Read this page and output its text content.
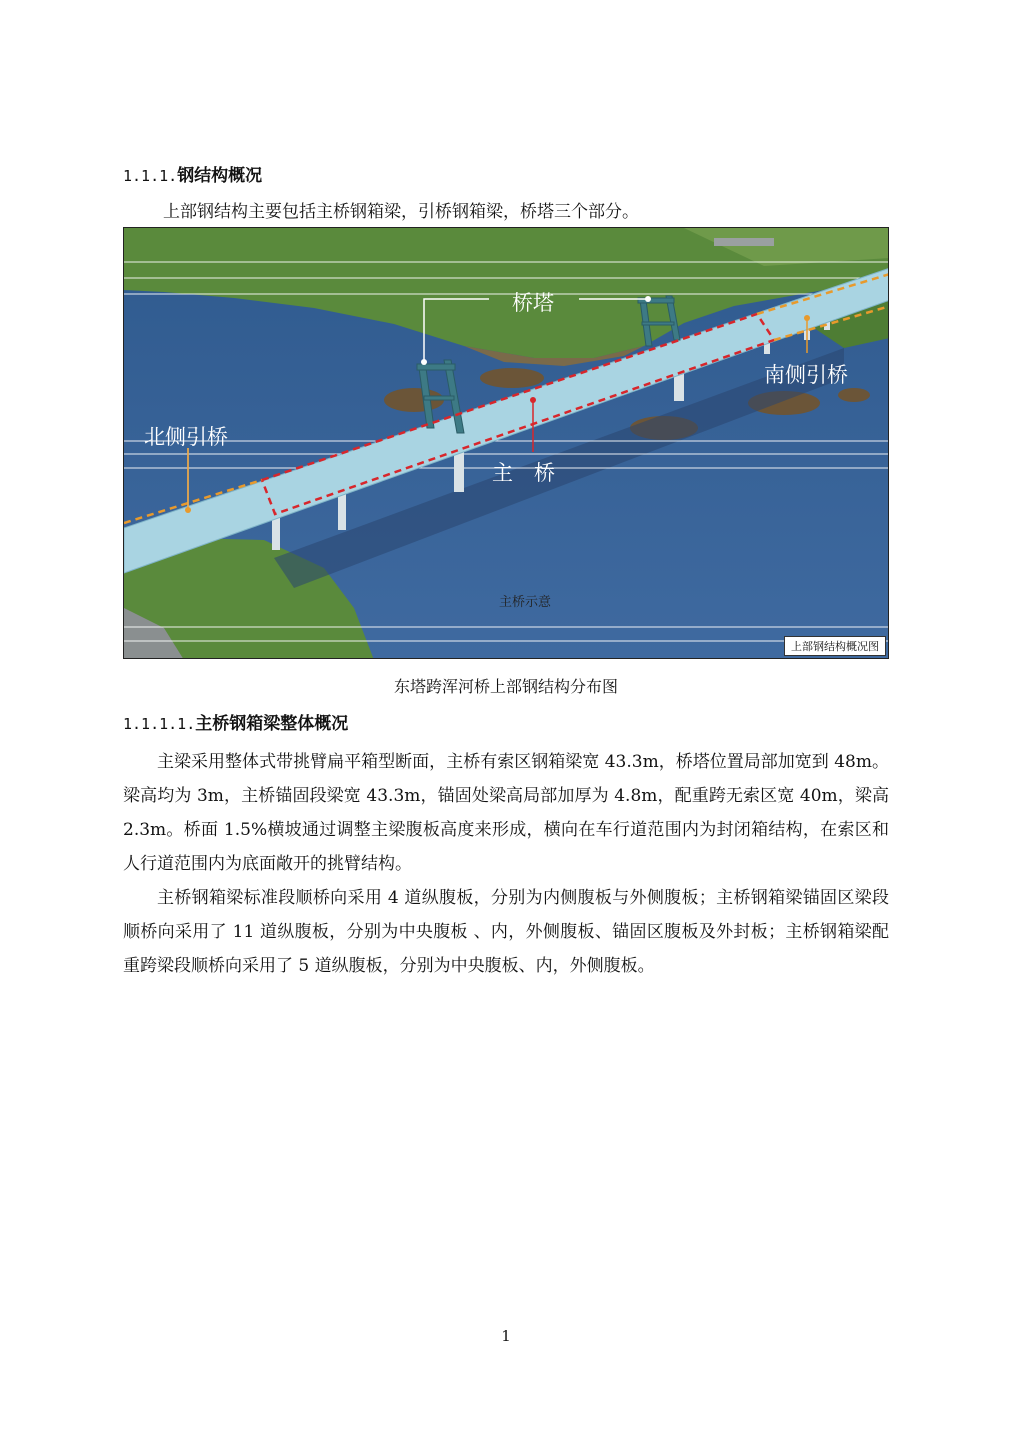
1.1.1.钢结构概况
上部钢结构主要包括主桥钢箱梁，引桥钢箱梁，桥塔三个部分。
桥塔
南侧引桥
北侧引桥
主　桥
主桥示意
上部钢结构概况图
东塔跨浑河桥上部钢结构分布图
1.1.1.1.主桥钢箱梁整体概况

主梁采用整体式带挑臂扁平箱型断面，主桥有索区钢箱梁宽 43.3m，桥塔位置局部加宽到 48m。梁高均为 3m，主桥锚固段梁宽 43.3m，锚固处梁高局部加厚为 4.8m，配重跨无索区宽 40m，梁高 2.3m。桥面 1.5%横坡通过调整主梁腹板高度来形成，横向在车行道范围内为封闭箱结构，在索区和人行道范围内为底面敞开的挑臂结构。

主桥钢箱梁标准段顺桥向采用 4 道纵腹板，分别为内侧腹板与外侧腹板；主桥钢箱梁锚固区梁段顺桥向采用了 11 道纵腹板，分别为中央腹板 、内，外侧腹板、锚固区腹板及外封板；主桥钢箱梁配重跨梁段顺桥向采用了 5 道纵腹板，分别为中央腹板、内，外侧腹板。

1
